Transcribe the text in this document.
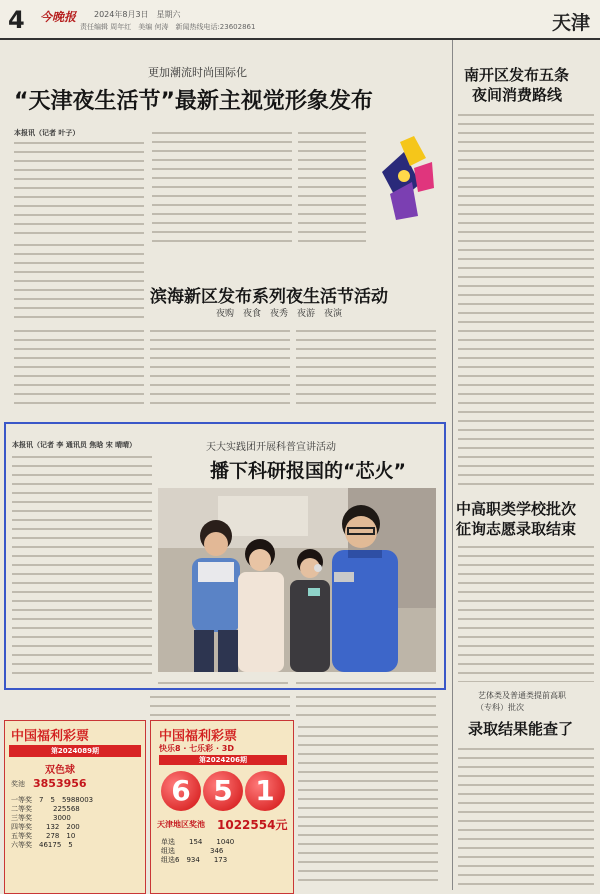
4 今晚报 2024年8月3日　星期六
责任编辑 周年红　美编 何涛　新闻热线电话:23602861	天津
更加潮流时尚国际化
“天津夜生活节”最新主视觉形象发布
本报讯（记者 叶子）
滨海新区发布系列夜生活节活动
夜购　夜食　夜秀　夜游　夜演
本报讯（记者 李 通讯员 焦晗 宋 晴晴）	天大实践团开展科普宣讲活动
播下科研报国的“芯火”
南开区发布五条
夜间消费路线
中高职类学校批次
征询志愿录取结束
艺体类及普通类提前高职
（专科）批次
录取结果能查了
中国福利彩票
第2024089期
双色球
奖池 3853956
一等奖　 7　 5　 5988003
二等奖　　　	225568
三等奖　　　	3000
四等奖　　 132　 200
五等奖　　 278　 10
六等奖　 46175　 5
中国福利彩票
快乐8 · 七乐彩 · 3D
第2024206期
6 5 1
天津地区奖池 1022554元
单选　　 154　　 1040
组选　　　　　	346
组选6　 934　　 173
